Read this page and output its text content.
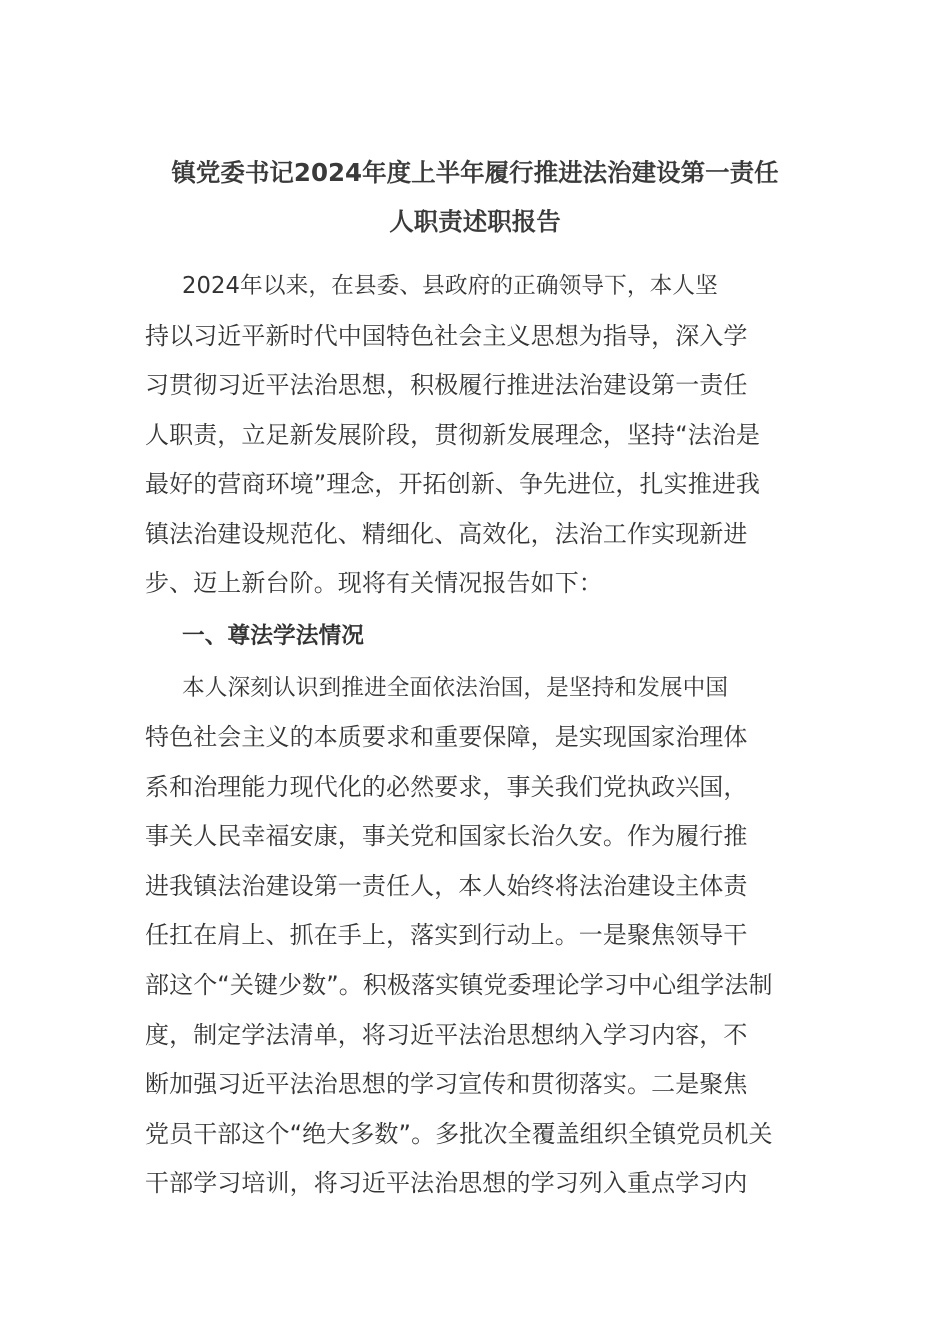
镇党委书记2024年度上半年履行推进法治建设第一责任
人职责述职报告
2024年以来，在县委、县政府的正确领导下，本人坚
持以习近平新时代中国特色社会主义思想为指导，深入学
习贯彻习近平法治思想，积极履行推进法治建设第一责任
人职责，立足新发展阶段，贯彻新发展理念，坚持“法治是
最好的营商环境”理念，开拓创新、争先进位，扎实推进我
镇法治建设规范化、精细化、高效化，法治工作实现新进
步、迈上新台阶。现将有关情况报告如下：
一、尊法学法情况
本人深刻认识到推进全面依法治国，是坚持和发展中国
特色社会主义的本质要求和重要保障，是实现国家治理体
系和治理能力现代化的必然要求，事关我们党执政兴国，
事关人民幸福安康，事关党和国家长治久安。作为履行推
进我镇法治建设第一责任人，本人始终将法治建设主体责
任扛在肩上、抓在手上，落实到行动上。一是聚焦领导干
部这个“关键少数”。积极落实镇党委理论学习中心组学法制
度，制定学法清单，将习近平法治思想纳入学习内容，不
断加强习近平法治思想的学习宣传和贯彻落实。二是聚焦
党员干部这个“绝大多数”。多批次全覆盖组织全镇党员机关
干部学习培训，将习近平法治思想的学习列入重点学习内
